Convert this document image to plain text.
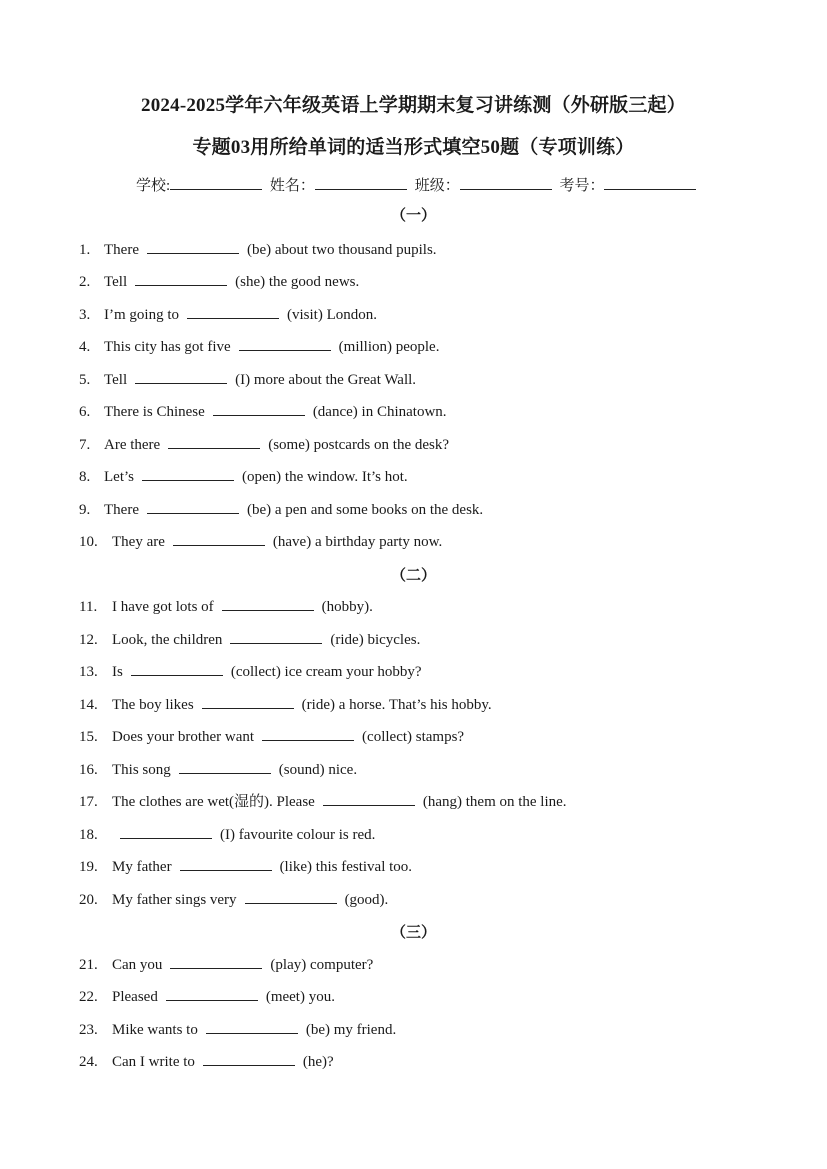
2024-2025学年六年级英语上学期期末复习讲练测（外研版三起）
专题03用所给单词的适当形式填空50题（专项训练）
学校:	姓名：	班级：	考号：
（一）
（二）
（三）
1. There	(be) about two thousand pupils.
2. Tell	(she) the good news.
3. I’m going to	(visit) London.
4. This city has got five	(million) people.
5. Tell	(I) more about the Great Wall.
6. There is Chinese	(dance) in Chinatown.
7. Are there	(some) postcards on the desk?
8. Let’s	(open) the window. It’s hot.
9. There	(be) a pen and some books on the desk.
10. They are	(have) a birthday party now.
11. I have got lots of	(hobby).
12. Look, the children	(ride) bicycles.
13. Is	(collect) ice cream your hobby?
14. The boy likes	(ride) a horse. That’s his hobby.
15. Does your brother want	(collect) stamps?
16. This song	(sound) nice.
17. The clothes are wet(湿的). Please	(hang) them on the line.
18.	(I) favourite colour is red.
19. My father	(like) this festival too.
20. My father sings very	(good).
21. Can you	(play) computer?
22. Pleased	(meet) you.
23. Mike wants to	(be) my friend.
24. Can I write to	(he)?
